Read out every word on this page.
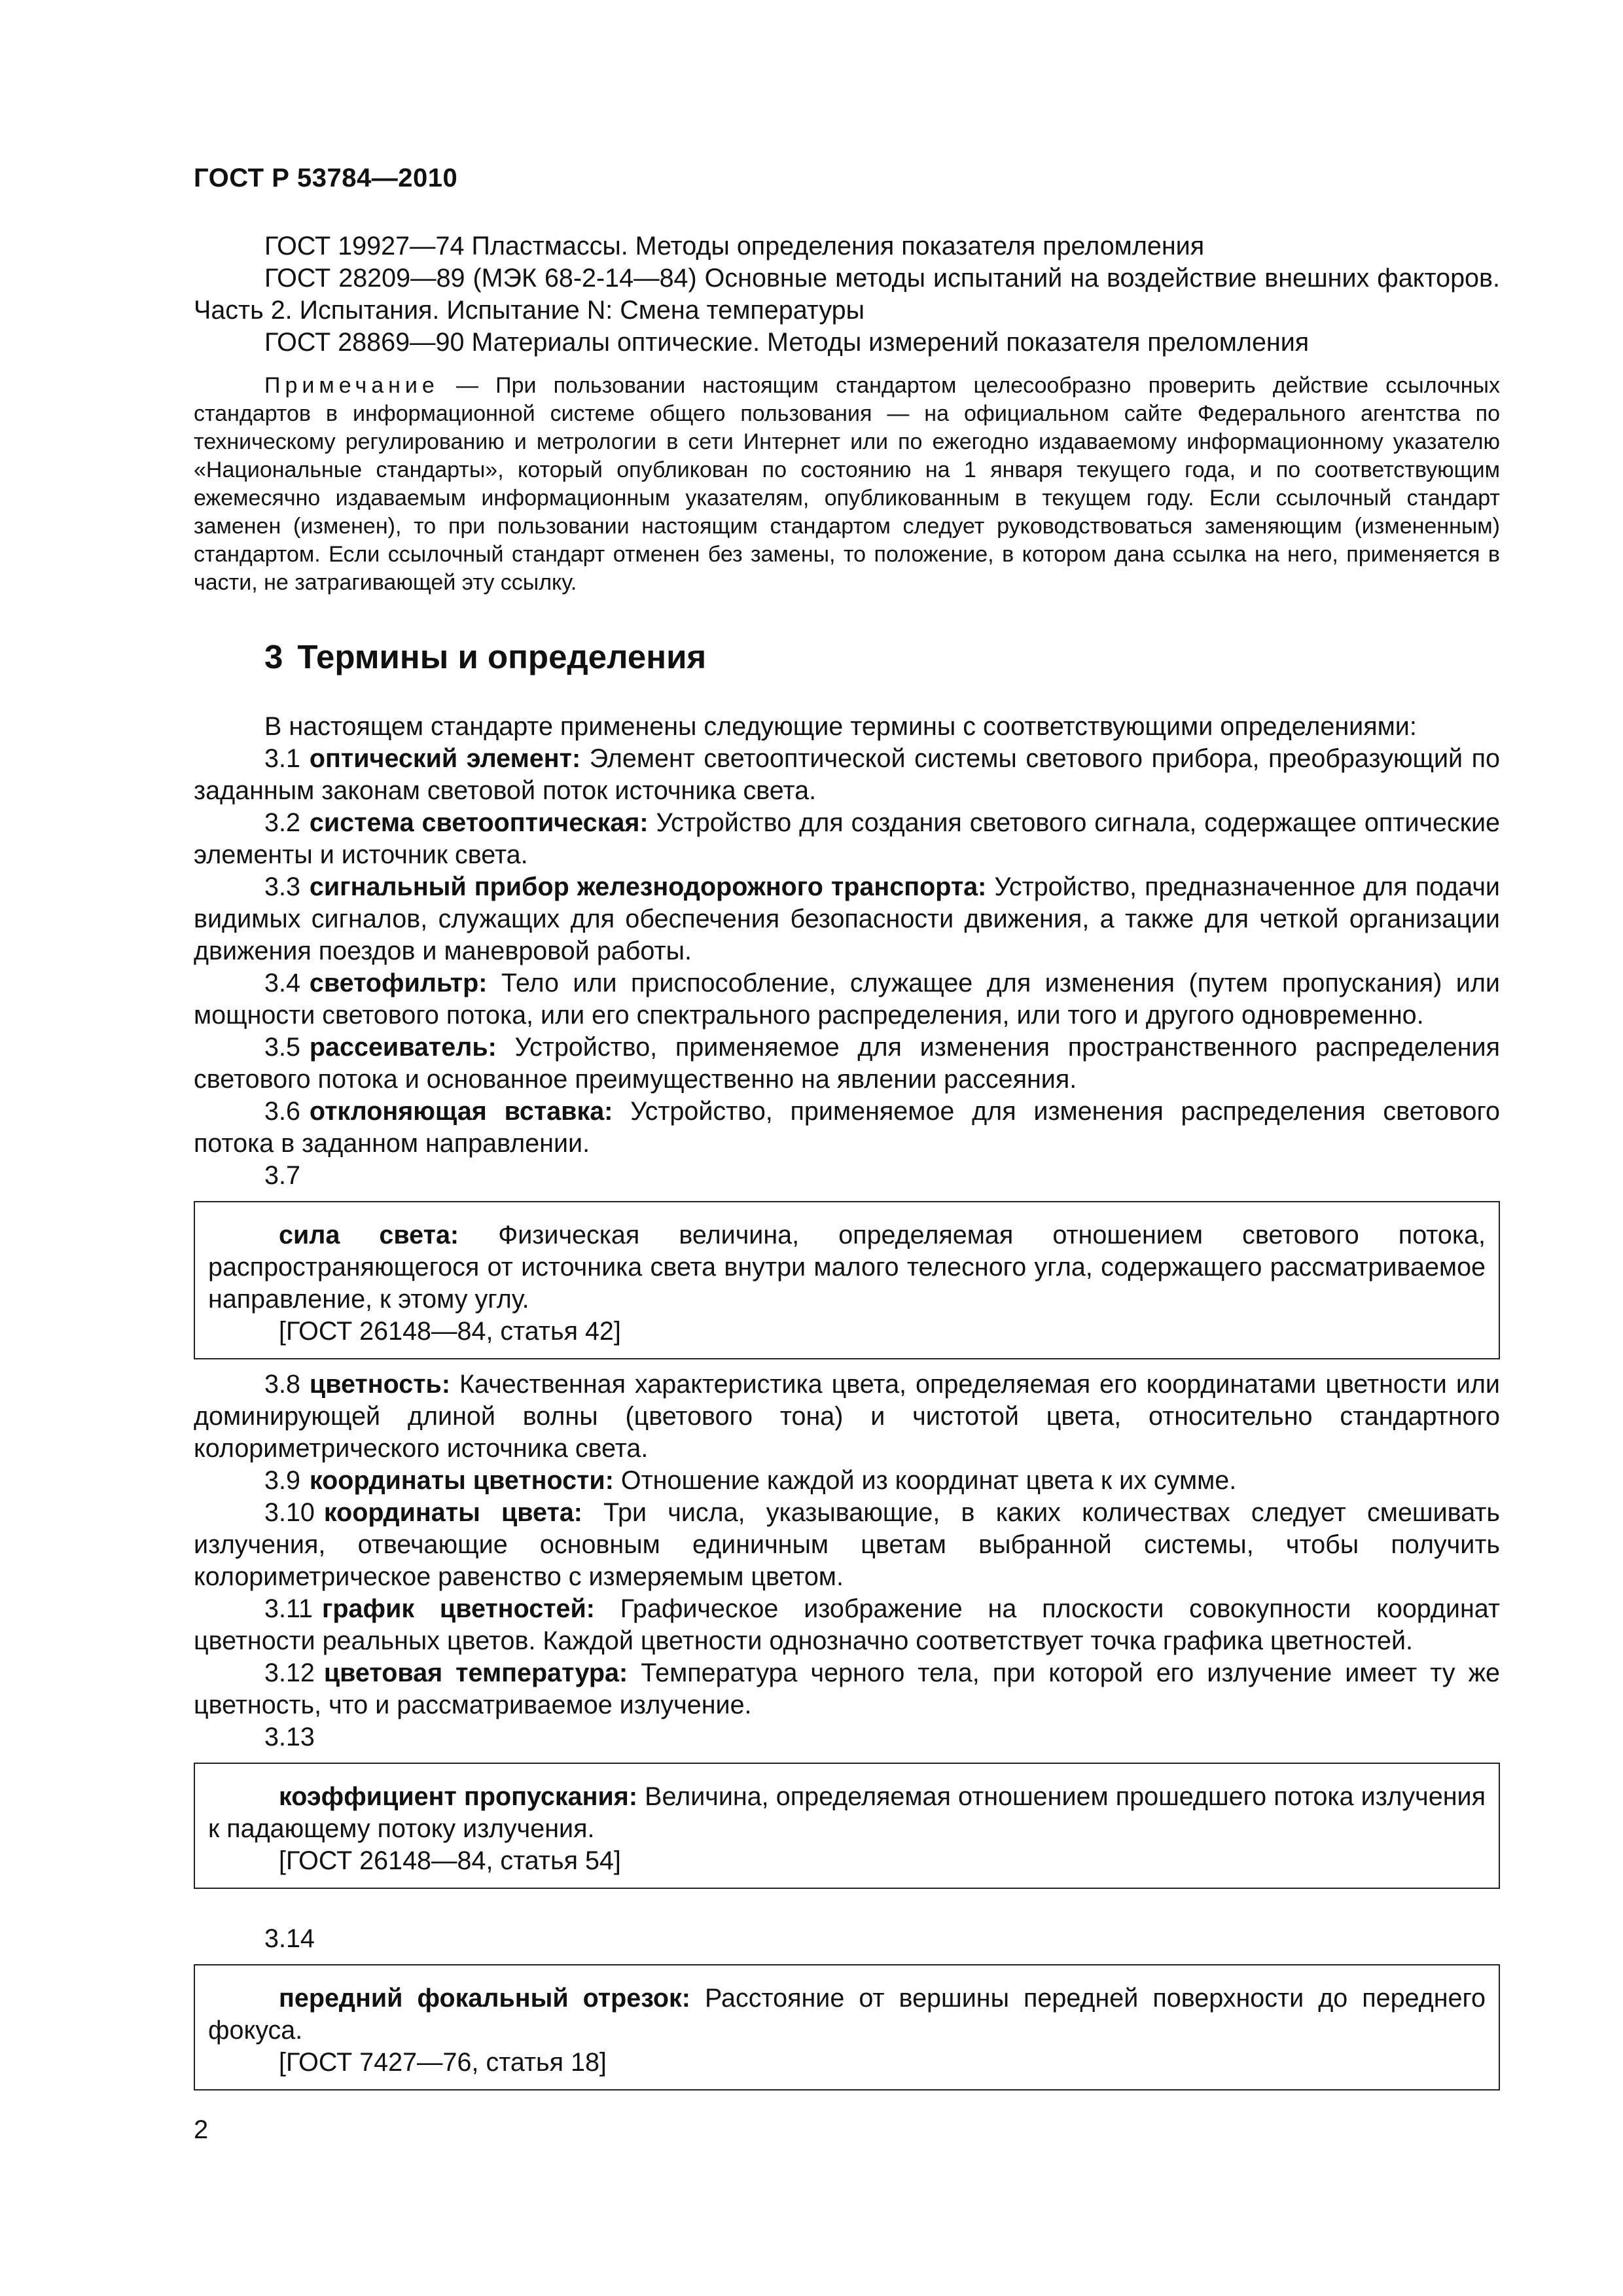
ГОСТ Р 53784—2010

ГОСТ 19927—74 Пластмассы. Методы определения показателя преломления

ГОСТ 28209—89 (МЭК 68-2-14—84) Основные методы испытаний на воздействие внешних факторов. Часть 2. Испытания. Испытание N: Смена температуры

ГОСТ 28869—90 Материалы оптические. Методы измерений показателя преломления

Примечание — При пользовании настоящим стандартом целесообразно проверить действие ссылочных стандартов в информационной системе общего пользования — на официальном сайте Федерального агентства по техническому регулированию и метрологии в сети Интернет или по ежегодно издаваемому информационному указателю «Национальные стандарты», который опубликован по состоянию на 1 января текущего года, и по соответствующим ежемесячно издаваемым информационным указателям, опубликованным в текущем году. Если ссылочный стандарт заменен (изменен), то при пользовании настоящим стандартом следует руководствоваться заменяющим (измененным) стандартом. Если ссылочный стандарт отменен без замены, то положение, в котором дана ссылка на него, применяется в части, не затрагивающей эту ссылку.

3 Термины и определения

В настоящем стандарте применены следующие термины с соответствующими определениями:

3.1 оптический элемент: Элемент светооптической системы светового прибора, преобразующий по заданным законам световой поток источника света.

3.2 система светооптическая: Устройство для создания светового сигнала, содержащее оптические элементы и источник света.

3.3 сигнальный прибор железнодорожного транспорта: Устройство, предназначенное для подачи видимых сигналов, служащих для обеспечения безопасности движения, а также для четкой организации движения поездов и маневровой работы.

3.4 светофильтр: Тело или приспособление, служащее для изменения (путем пропускания) или мощности светового потока, или его спектрального распределения, или того и другого одновременно.

3.5 рассеиватель: Устройство, применяемое для изменения пространственного распределения светового потока и основанное преимущественно на явлении рассеяния.

3.6 отклоняющая вставка: Устройство, применяемое для изменения распределения светового потока в заданном направлении.

3.7

сила света: Физическая величина, определяемая отношением светового потока, распространяющегося от источника света внутри малого телесного угла, содержащего рассматриваемое направление, к этому углу.

[ГОСТ 26148—84, статья 42]

3.8 цветность: Качественная характеристика цвета, определяемая его координатами цветности или доминирующей длиной волны (цветового тона) и чистотой цвета, относительно стандартного колориметрического источника света.

3.9 координаты цветности: Отношение каждой из координат цвета к их сумме.

3.10 координаты цвета: Три числа, указывающие, в каких количествах следует смешивать излучения, отвечающие основным единичным цветам выбранной системы, чтобы получить колориметрическое равенство с измеряемым цветом.

3.11 график цветностей: Графическое изображение на плоскости совокупности координат цветности реальных цветов. Каждой цветности однозначно соответствует точка графика цветностей.

3.12 цветовая температура: Температура черного тела, при которой его излучение имеет ту же цветность, что и рассматриваемое излучение.

3.13

коэффициент пропускания: Величина, определяемая отношением прошедшего потока излучения к падающему потоку излучения.

[ГОСТ 26148—84, статья 54]

3.14

передний фокальный отрезок: Расстояние от вершины передней поверхности до переднего фокуса.

[ГОСТ 7427—76, статья 18]

2
